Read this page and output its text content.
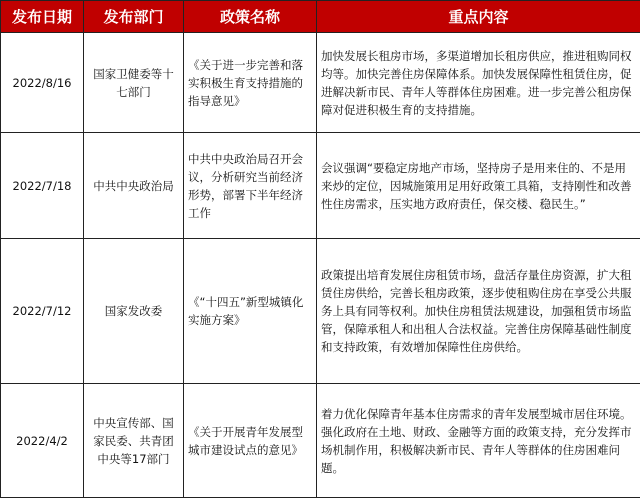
发布日期	发布部门	政策名称	重点内容
2022/8/16	国家卫健委等十七部门	《关于进一步完善和落实积极生育支持措施的指导意见》	加快发展长租房市场，多渠道增加长租房供应，推进租购同权均等。加快完善住房保障体系。加快发展保障性租赁住房，促进解决新市民、青年人等群体住房困难。进一步完善公租房保障对促进积极生育的支持措施。
2022/7/18	中共中央政治局	中共中央政治局召开会议，分析研究当前经济形势，部署下半年经济工作	会议强调“要稳定房地产市场，坚持房子是用来住的、不是用来炒的定位，因城施策用足用好政策工具箱，支持刚性和改善性住房需求，压实地方政府责任，保交楼、稳民生。”
2022/7/12	国家发改委	《“十四五”新型城镇化实施方案》	政策提出培育发展住房租赁市场，盘活存量住房资源，扩大租赁住房供给，完善长租房政策，逐步使租购住房在享受公共服务上具有同等权利。加快住房租赁法规建设，加强租赁市场监管，保障承租人和出租人合法权益。完善住房保障基础性制度和支持政策，有效增加保障性住房供给。
2022/4/2	中央宣传部、国家民委、共青团中央等17部门	《关于开展青年发展型城市建设试点的意见》	着力优化保障青年基本住房需求的青年发展型城市居住环境。强化政府在土地、财政、金融等方面的政策支持，充分发挥市场机制作用，积极解决新市民、青年人等群体的住房困难问题。
